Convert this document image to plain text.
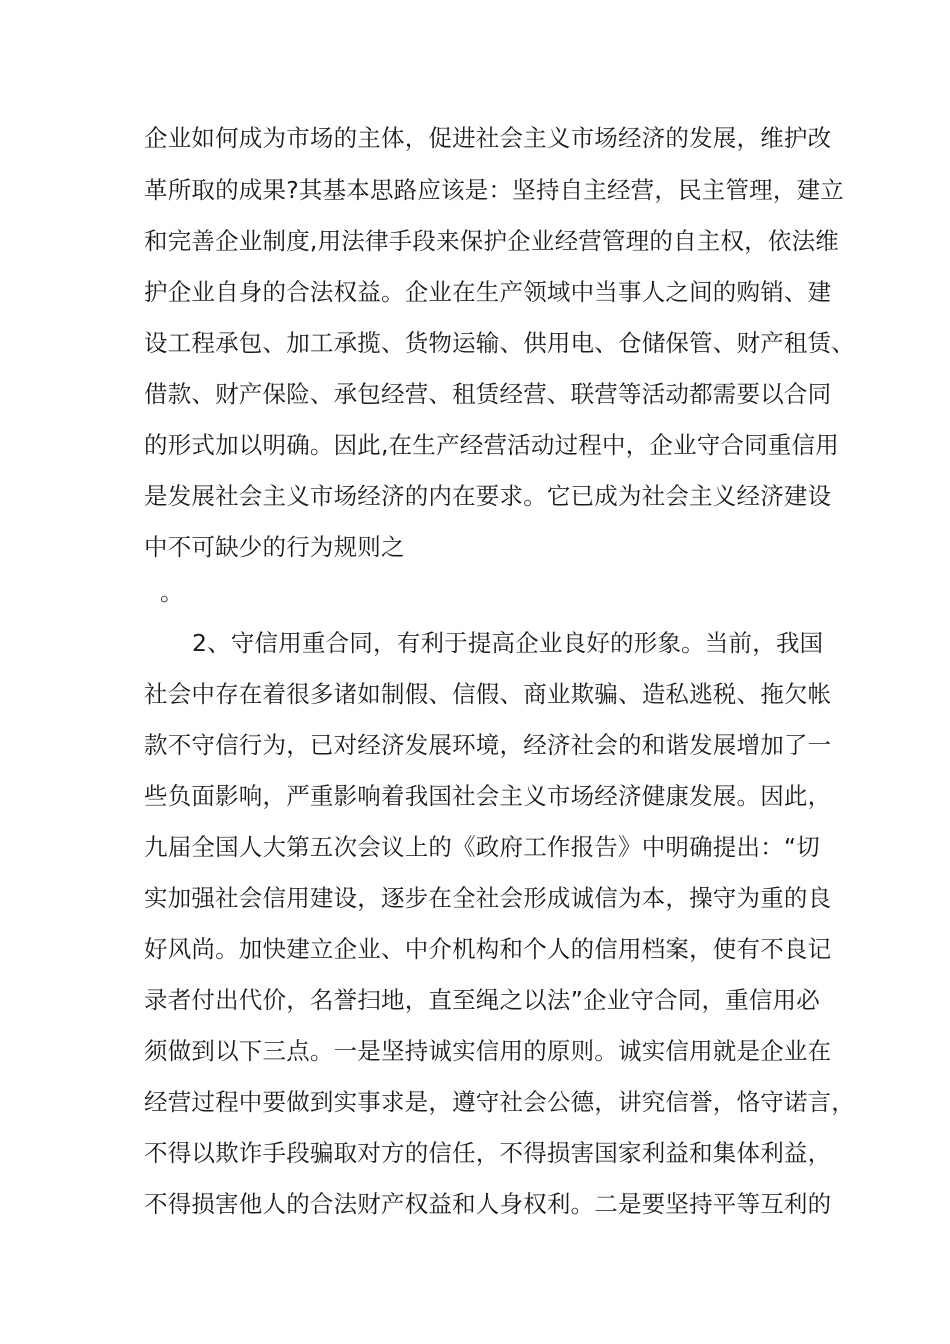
企业如何成为市场的主体，促进社会主义市场经济的发展，维护改
革所取的成果?其基本思路应该是：坚持自主经营，民主管理，建立
和完善企业制度,用法律手段来保护企业经营管理的自主权，依法维
护企业自身的合法权益。企业在生产领域中当事人之间的购销、建
设工程承包、加工承揽、货物运输、供用电、仓储保管、财产租赁、
借款、财产保险、承包经营、租赁经营、联营等活动都需要以合同
的形式加以明确。因此,在生产经营活动过程中，企业守合同重信用
是发展社会主义市场经济的内在要求。它已成为社会主义经济建设
中不可缺少的行为规则之
。
2、守信用重合同，有利于提高企业良好的形象。当前，我国
社会中存在着很多诸如制假、信假、商业欺骗、造私逃税、拖欠帐
款不守信行为，已对经济发展环境，经济社会的和谐发展增加了一
些负面影响，严重影响着我国社会主义市场经济健康发展。因此，
九届全国人大第五次会议上的《政府工作报告》中明确提出：“切
实加强社会信用建设，逐步在全社会形成诚信为本，操守为重的良
好风尚。加快建立企业、中介机构和个人的信用档案，使有不良记
录者付出代价，名誉扫地，直至绳之以法”企业守合同，重信用必
须做到以下三点。一是坚持诚实信用的原则。诚实信用就是企业在
经营过程中要做到实事求是，遵守社会公德，讲究信誉，恪守诺言，
不得以欺诈手段骗取对方的信任，不得损害国家利益和集体利益，
不得损害他人的合法财产权益和人身权利。二是要坚持平等互利的
